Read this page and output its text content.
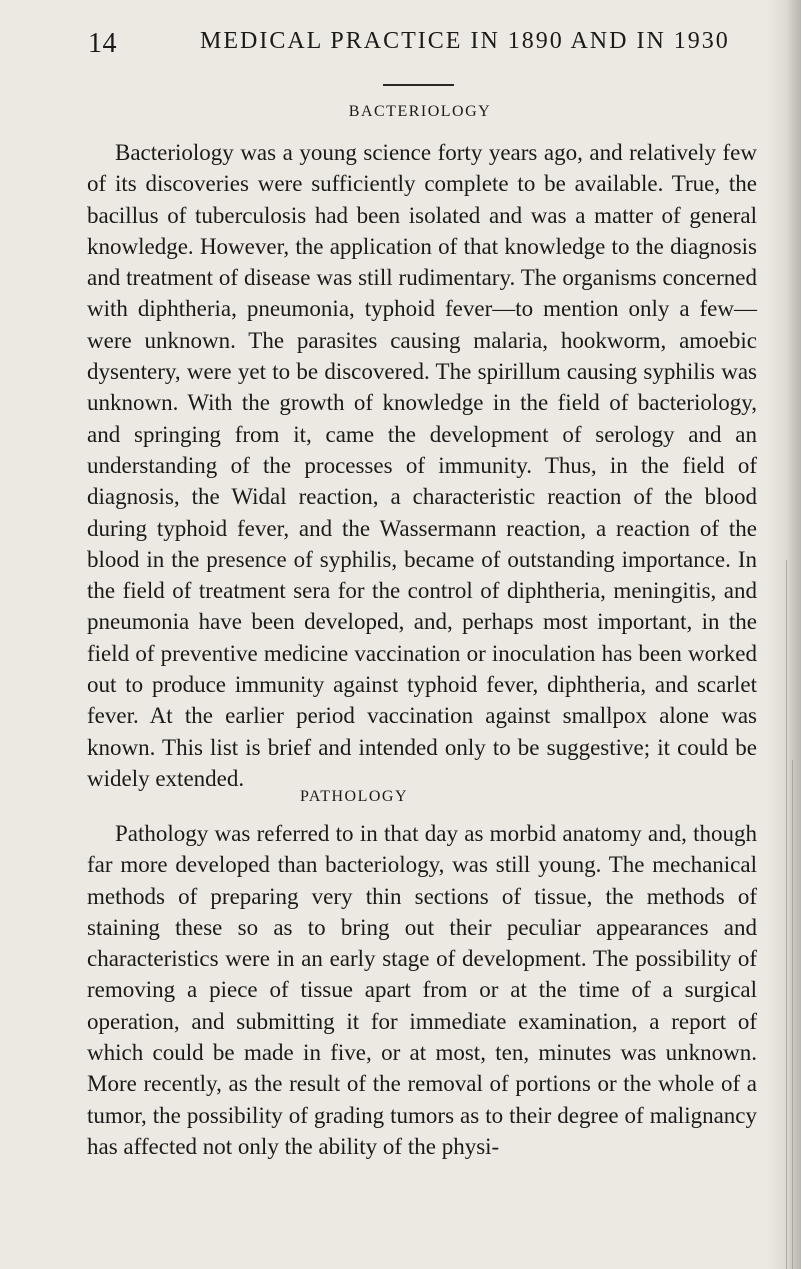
14	MEDICAL PRACTICE IN 1890 AND IN 1930
BACTERIOLOGY

Bacteriology was a young science forty years ago, and relatively few of its discoveries were sufficiently complete to be available. True, the bacillus of tuberculosis had been isolated and was a matter of general knowledge. However, the application of that knowledge to the diagnosis and treatment of disease was still rudimentary. The organisms concerned with diphtheria, pneumonia, typhoid fever—to mention only a few—were unknown. The parasites causing malaria, hookworm, amoebic dysentery, were yet to be discovered. The spirillum causing syphilis was unknown. With the growth of knowledge in the field of bacteriology, and springing from it, came the development of serology and an understanding of the processes of immunity. Thus, in the field of diagnosis, the Widal reaction, a characteristic reaction of the blood during typhoid fever, and the Wassermann reaction, a reaction of the blood in the presence of syphilis, became of outstanding importance. In the field of treatment sera for the control of diphtheria, meningitis, and pneumonia have been developed, and, perhaps most important, in the field of preventive medicine vaccination or inoculation has been worked out to produce immunity against typhoid fever, diphtheria, and scarlet fever. At the earlier period vaccination against smallpox alone was known. This list is brief and intended only to be suggestive; it could be widely extended.

PATHOLOGY

Pathology was referred to in that day as morbid anatomy and, though far more developed than bacteriology, was still young. The mechanical methods of preparing very thin sections of tissue, the methods of staining these so as to bring out their peculiar appearances and characteristics were in an early stage of development. The possibility of removing a piece of tissue apart from or at the time of a surgical operation, and submitting it for immediate examination, a report of which could be made in five, or at most, ten, minutes was unknown. More recently, as the result of the removal of portions or the whole of a tumor, the possibility of grading tumors as to their degree of malignancy has affected not only the ability of the physi-
